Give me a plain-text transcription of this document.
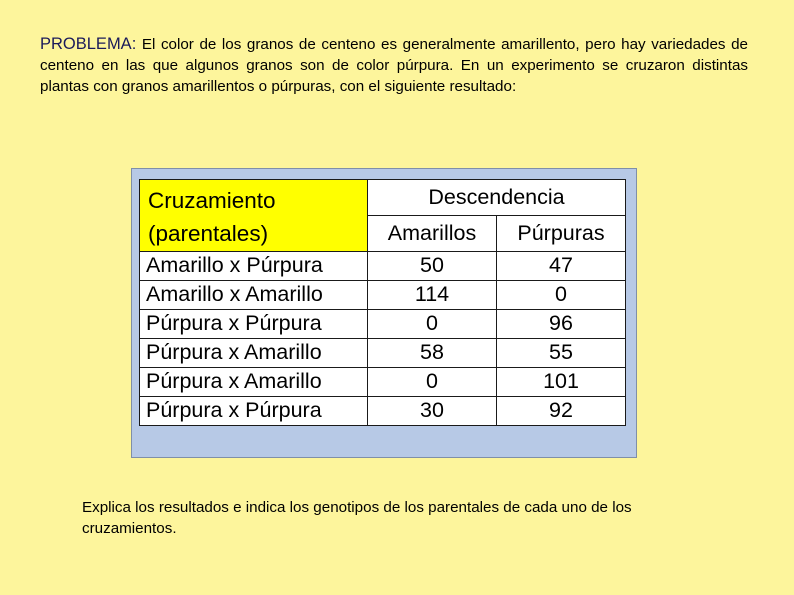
PROBLEMA: El color de los granos de centeno es generalmente amarillento, pero hay variedades de centeno en las que algunos granos son de color púrpura. En un experimento se cruzaron distintas plantas con granos amarillentos o púrpuras, con el siguiente resultado:

Cruzamiento
(parentales)	Descendencia	
	Amarillos	Púrpuras
Amarillo x Púrpura	50	47
Amarillo x Amarillo	114	0
Púrpura x Púrpura	0	96
Púrpura x Amarillo	58	55
Púrpura x Amarillo	0	101
Púrpura x Púrpura	30	92

Explica los resultados e indica los genotipos de los parentales de cada uno de los cruzamientos.
